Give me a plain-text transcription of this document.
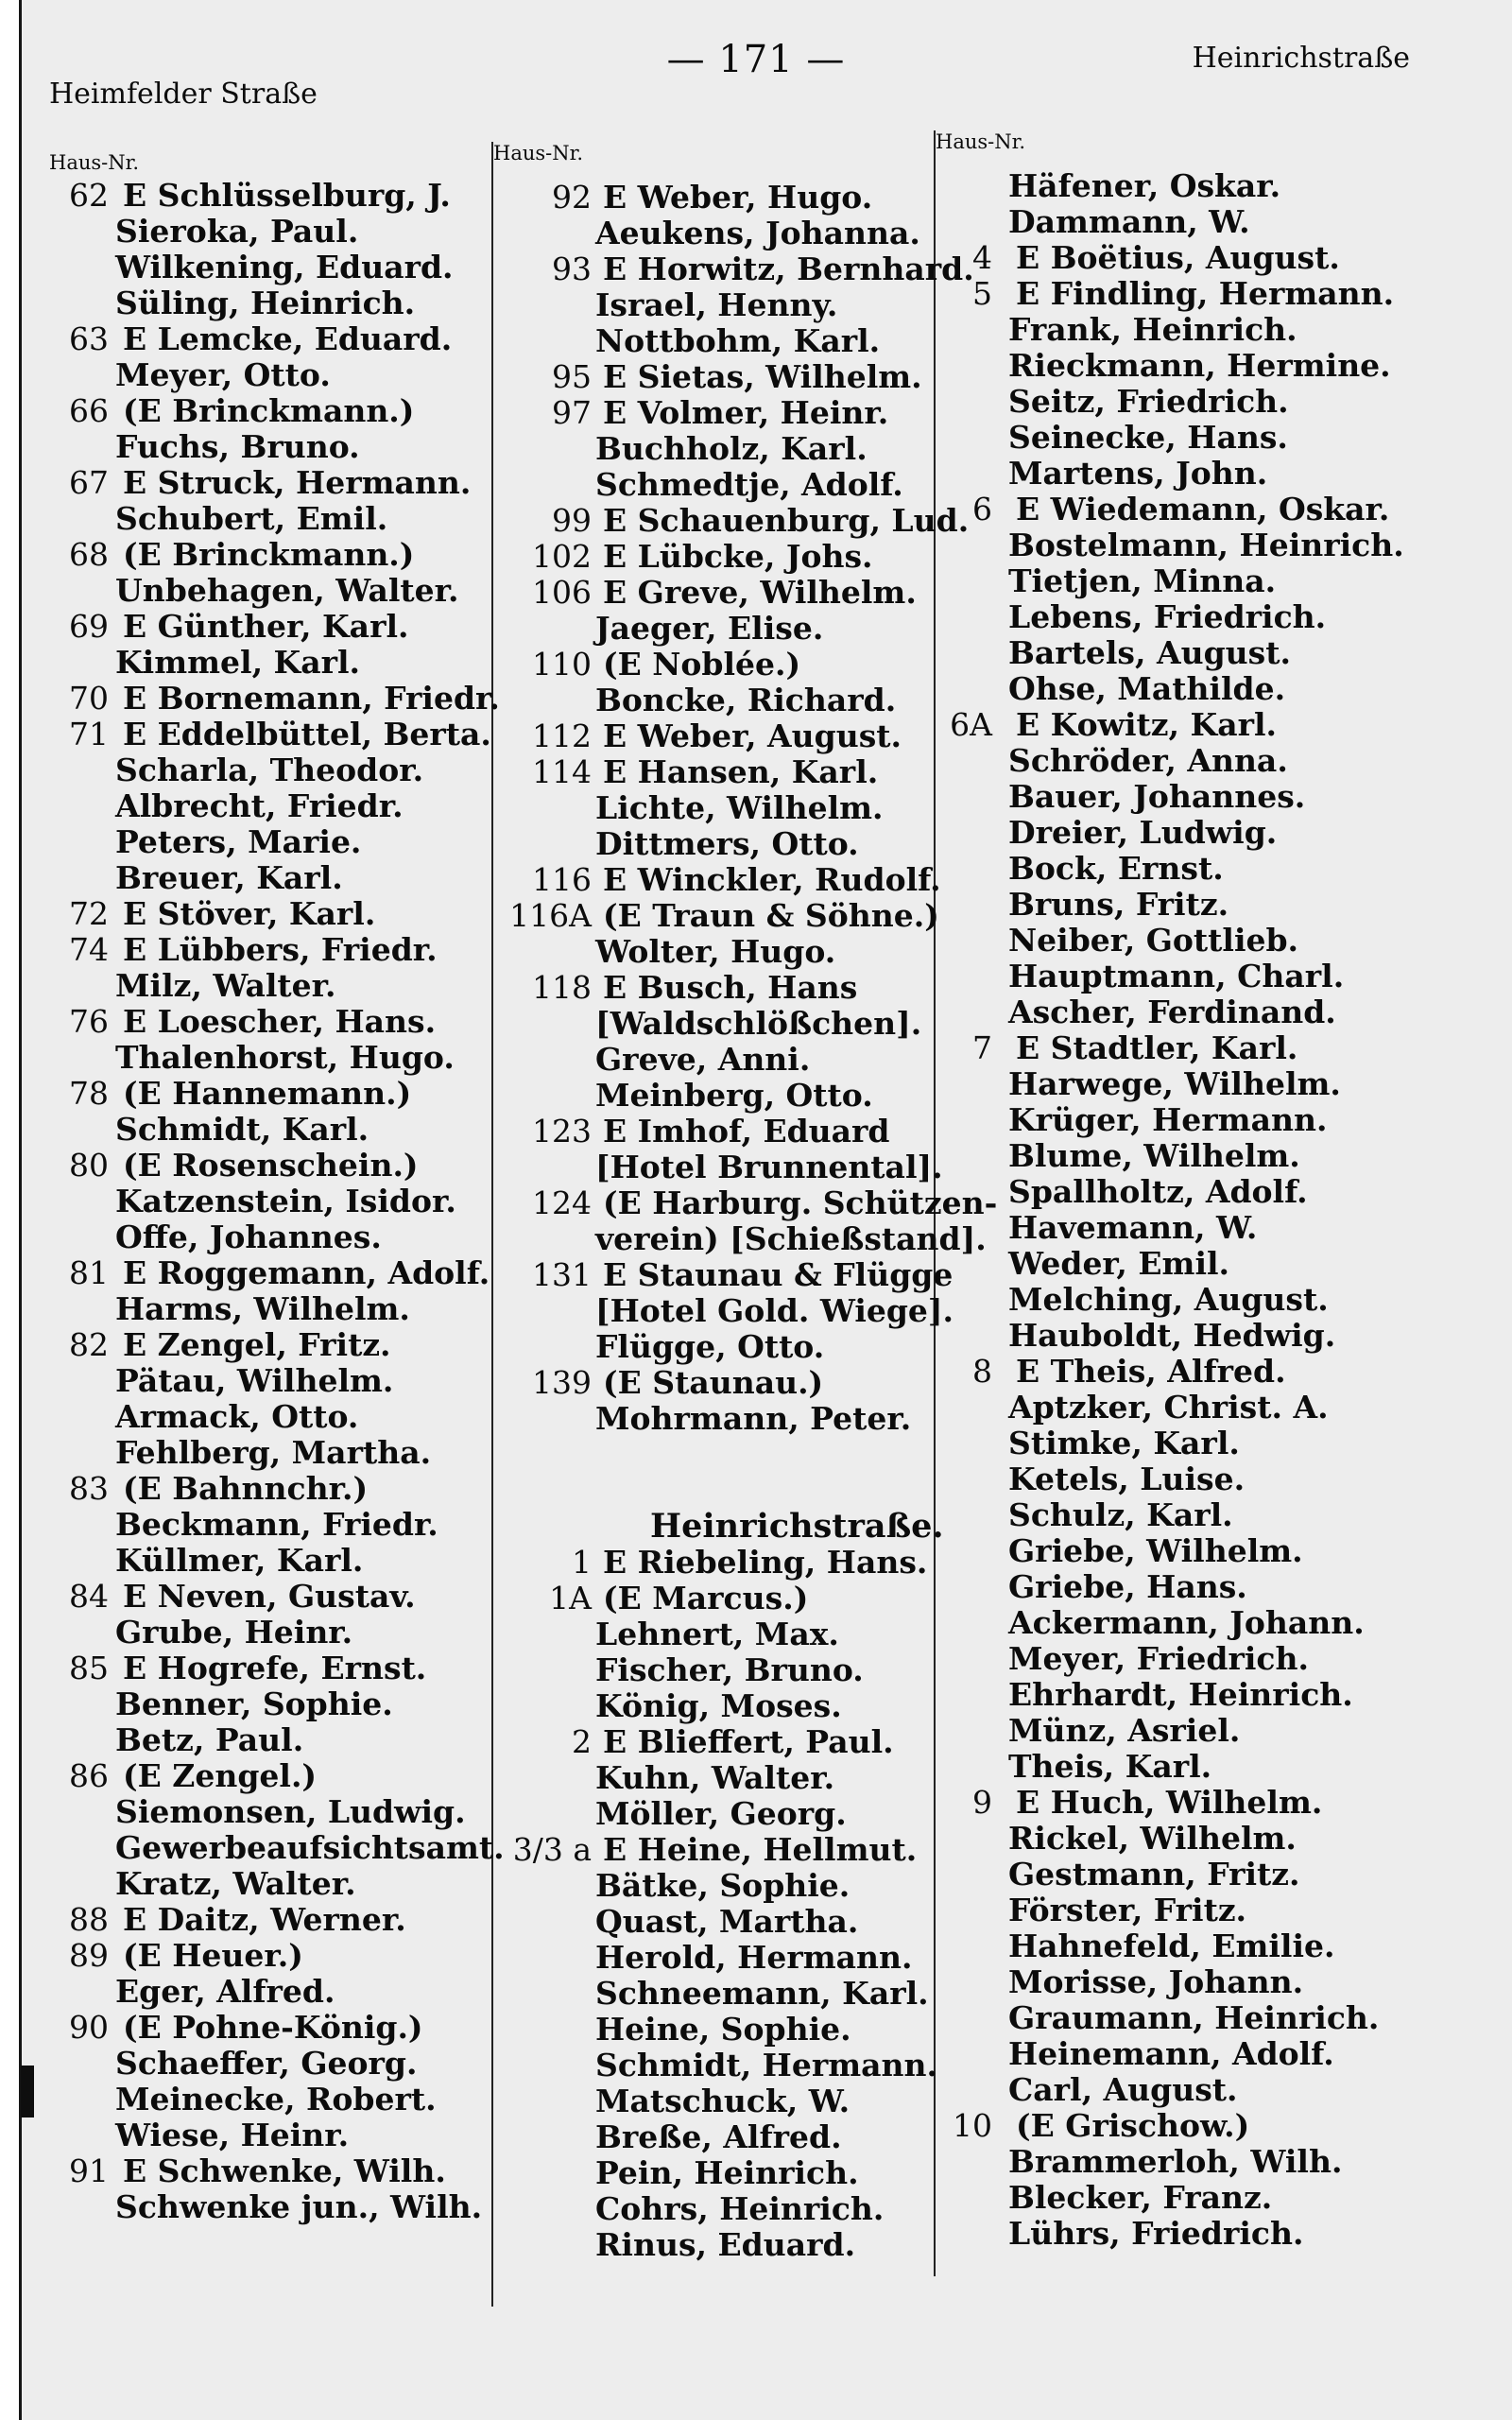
Heimfelder Straße
— 171 —	Heinrichstraße
Haus-Nr.	Haus-Nr.	Haus-Nr.
62 E Schlüsselburg, J.
Sieroka, Paul.
Wilkening, Eduard.
Süling, Heinrich.
63 E Lemcke, Eduard.
Meyer, Otto.
66 (E Brinckmann.)
Fuchs, Bruno.
67 E Struck, Hermann.
Schubert, Emil.
68 (E Brinckmann.)
Unbehagen, Walter.
69 E Günther, Karl.
Kimmel, Karl.
70 E Bornemann, Friedr.
71 E Eddelbüttel, Berta.
Scharla, Theodor.
Albrecht, Friedr.
Peters, Marie.
Breuer, Karl.
72 E Stöver, Karl.
74 E Lübbers, Friedr.
Milz, Walter.
76 E Loescher, Hans.
Thalenhorst, Hugo.
78 (E Hannemann.)
Schmidt, Karl.
80 (E Rosenschein.)
Katzenstein, Isidor.
Offe, Johannes.
81 E Roggemann, Adolf.
Harms, Wilhelm.
82 E Zengel, Fritz.
Pätau, Wilhelm.
Armack, Otto.
Fehlberg, Martha.
83 (E Bahnnchr.)
Beckmann, Friedr.
Küllmer, Karl.
84 E Neven, Gustav.
Grube, Heinr.
85 E Hogrefe, Ernst.
Benner, Sophie.
Betz, Paul.
86 (E Zengel.)
Siemonsen, Ludwig.
Gewerbeaufsichtsamt.
Kratz, Walter.
88 E Daitz, Werner.
89 (E Heuer.)
Eger, Alfred.
90 (E Pohne-König.)
Schaeffer, Georg.
Meinecke, Robert.
Wiese, Heinr.
91 E Schwenke, Wilh.
Schwenke jun., Wilh.
92 E Weber, Hugo.
Aeukens, Johanna.
93 E Horwitz, Bernhard.
Israel, Henny.
Nottbohm, Karl.
95 E Sietas, Wilhelm.
97 E Volmer, Heinr.
Buchholz, Karl.
Schmedtje, Adolf.
99 E Schauenburg, Lud.
102 E Lübcke, Johs.
106 E Greve, Wilhelm.
Jaeger, Elise.
110 (E Noblée.)
Boncke, Richard.
112 E Weber, August.
114 E Hansen, Karl.
Lichte, Wilhelm.
Dittmers, Otto.
116 E Winckler, Rudolf.
116A (E Traun & Söhne.)
Wolter, Hugo.
118 E Busch, Hans
[Waldschlößchen].
Greve, Anni.
Meinberg, Otto.
123 E Imhof, Eduard
[Hotel Brunnental].
124 (E Harburg. Schützen-
verein) [Schießstand].
131 E Staunau & Flügge
[Hotel Gold. Wiege].
Flügge, Otto.
139 (E Staunau.)
Mohrmann, Peter.
Heinrichstraße.
1 E Riebeling, Hans.
1A (E Marcus.)
Lehnert, Max.
Fischer, Bruno.
König, Moses.
2 E Blieffert, Paul.
Kuhn, Walter.
Möller, Georg.
3/3 a E Heine, Hellmut.
Bätke, Sophie.
Quast, Martha.
Herold, Hermann.
Schneemann, Karl.
Heine, Sophie.
Schmidt, Hermann.
Matschuck, W.
Breße, Alfred.
Pein, Heinrich.
Cohrs, Heinrich.
Rinus, Eduard.
Häfener, Oskar.
Dammann, W.
4 E Boëtius, August.
5 E Findling, Hermann.
Frank, Heinrich.
Rieckmann, Hermine.
Seitz, Friedrich.
Seinecke, Hans.
Martens, John.
6 E Wiedemann, Oskar.
Bostelmann, Heinrich.
Tietjen, Minna.
Lebens, Friedrich.
Bartels, August.
Ohse, Mathilde.
6A E Kowitz, Karl.
Schröder, Anna.
Bauer, Johannes.
Dreier, Ludwig.
Bock, Ernst.
Bruns, Fritz.
Neiber, Gottlieb.
Hauptmann, Charl.
Ascher, Ferdinand.
7 E Stadtler, Karl.
Harwege, Wilhelm.
Krüger, Hermann.
Blume, Wilhelm.
Spallholtz, Adolf.
Havemann, W.
Weder, Emil.
Melching, August.
Hauboldt, Hedwig.
8 E Theis, Alfred.
Aptzker, Christ. A.
Stimke, Karl.
Ketels, Luise.
Schulz, Karl.
Griebe, Wilhelm.
Griebe, Hans.
Ackermann, Johann.
Meyer, Friedrich.
Ehrhardt, Heinrich.
Münz, Asriel.
Theis, Karl.
9 E Huch, Wilhelm.
Rickel, Wilhelm.
Gestmann, Fritz.
Förster, Fritz.
Hahnefeld, Emilie.
Morisse, Johann.
Graumann, Heinrich.
Heinemann, Adolf.
Carl, August.
10 (E Grischow.)
Brammerloh, Wilh.
Blecker, Franz.
Lührs, Friedrich.
